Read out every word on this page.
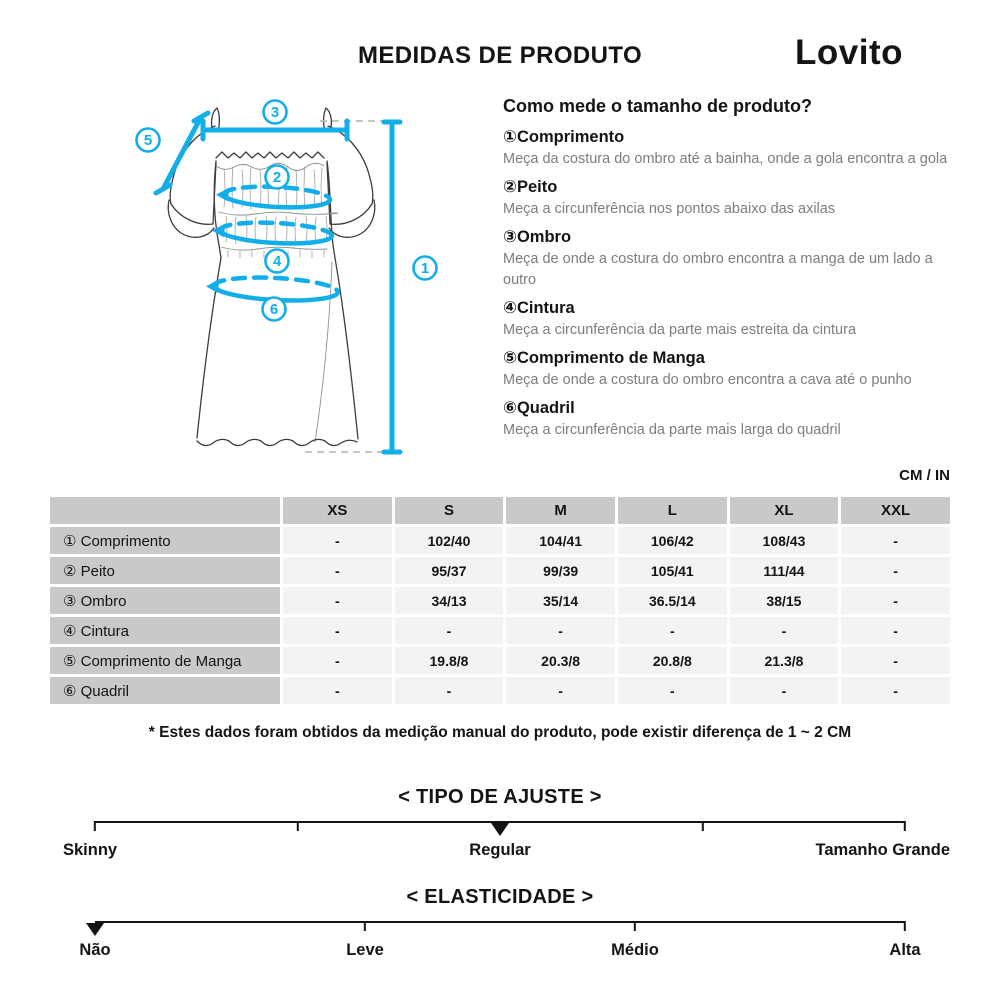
MEDIDAS DE PRODUTO	Lovito
1
2
3
4
5
6
Como mede o tamanho de produto?
①Comprimento
Meça da costura do ombro até a bainha, onde a gola encontra a gola
②Peito
Meça a circunferência nos pontos abaixo das axilas
③Ombro
Meça de onde a costura do ombro encontra a manga de um lado a outro
④Cintura
Meça a circunferência da parte mais estreita da cintura
⑤Comprimento de Manga
Meça de onde a costura do ombro encontra a cava até o punho
⑥Quadril
Meça a circunferência da parte mais larga do quadril
CM / IN
	XS	S	M	L	XL	XXL
① Comprimento	-	102/40	104/41	106/42	108/43	-
② Peito	-	95/37	99/39	105/41	111/44	-
③ Ombro	-	34/13	35/14	36.5/14	38/15	-
④ Cintura	-	-	-	-	-	-
⑤ Comprimento de Manga	-	19.8/8	20.3/8	20.8/8	21.3/8	-
⑥ Quadril	-	-	-	-	-	-
* Estes dados foram obtidos da medição manual do produto, pode existir diferença de 1 ~ 2 CM
< TIPO DE AJUSTE >
Skinny	Regular	Tamanho Grande
< ELASTICIDADE >
Não	Leve	Médio	Alta
